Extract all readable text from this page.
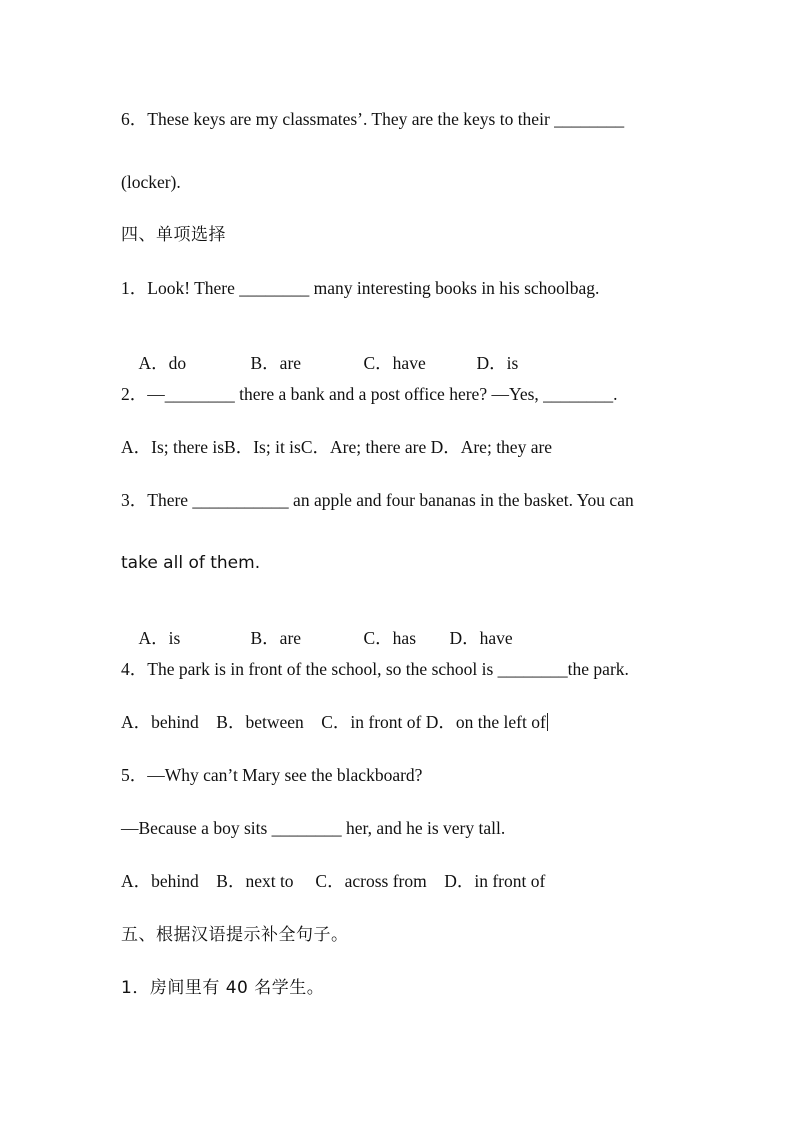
6．These keys are my classmates’. They are the keys to their ________
(locker).
四、单项选择
1．Look! There ________ many interesting books in his schoolbag.

A．do	B．are	C．have	D．is

2．—________ there a bank and a post office here? —Yes, ________.
A．Is; there isB．Is; it isC．Are; there are D．Are; they are
3．There ___________ an apple and four bananas in the basket. You can
take all of them.

A．is	B．are	C．has D．have

4．The park is in front of the school, so the school is ________the park.
A．behind    B．between    C．in front of D．on the left of
5．—Why can’t Mary see the blackboard?
—Because a boy sits ________ her, and he is very tall.
A．behind    B．next to     C．across from    D．in front of
五、根据汉语提示补全句子。
1．房间里有 40 名学生。
